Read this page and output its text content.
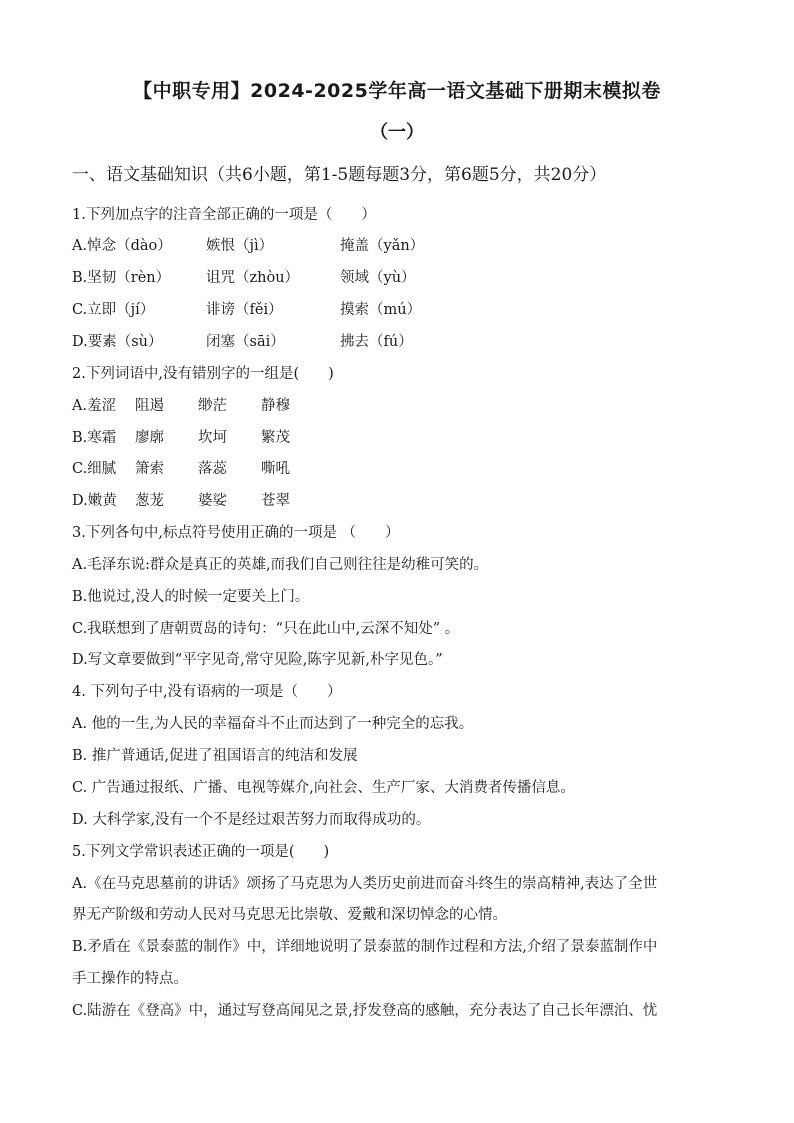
【中职专用】2024-2025学年高一语文基础下册期末模拟卷
（一）
一、语文基础知识（共6小题，第1-5题每题3分，第6题5分，共20分）
1.下列加点字的注音全部正确的一项是（　　）
A.悼念（dào） 嫉恨（jì）	掩盖（yǎn）
B.坚韧（rèn） 诅咒（zhòu）	领域（yù）
C.立即（jí）	诽谤（fěi）	摸索（mú）
D.要素（sù）	闭塞（sāi）	拂去（fú）
2.下列词语中,没有错别字的一组是(　　)
A.羞涩 阻遏 缈茫 静穆
B.寒霜 廖廓 坎坷 繁茂
C.细腻 箫索 落蕊 嘶吼
D.嫩黄 葱茏 婆娑 苍翠
3.下列各句中,标点符号使用正确的一项是 （　　）
A.毛泽东说:群众是真正的英雄,而我们自己则往往是幼稚可笑的。
B.他说过,没人的时候一定要关上门。
C.我联想到了唐朝贾岛的诗句：“只在此山中,云深不知处” 。
D.写文章要做到“平字见奇,常守见险,陈字见新,朴字见色。”
4. 下列句子中,没有语病的一项是（　　）
A. 他的一生,为人民的幸福奋斗不止而达到了一种完全的忘我。
B. 推广普通话,促进了祖国语言的纯洁和发展
C. 广告通过报纸、广播、电视等媒介,向社会、生产厂家、大消费者传播信息。
D. 大科学家,没有一个不是经过艰苦努力而取得成功的。
5.下列文学常识表述正确的一项是(　　)
A.《在马克思墓前的讲话》颂扬了马克思为人类历史前进而奋斗终生的崇高精神,表达了全世
界无产阶级和劳动人民对马克思无比崇敬、爱戴和深切悼念的心情。
B.矛盾在《景泰蓝的制作》中，详细地说明了景泰蓝的制作过程和方法,介绍了景泰蓝制作中
手工操作的特点。
C.陆游在《登高》中，通过写登高闻见之景,抒发登高的感触，充分表达了自己长年漂泊、忧
